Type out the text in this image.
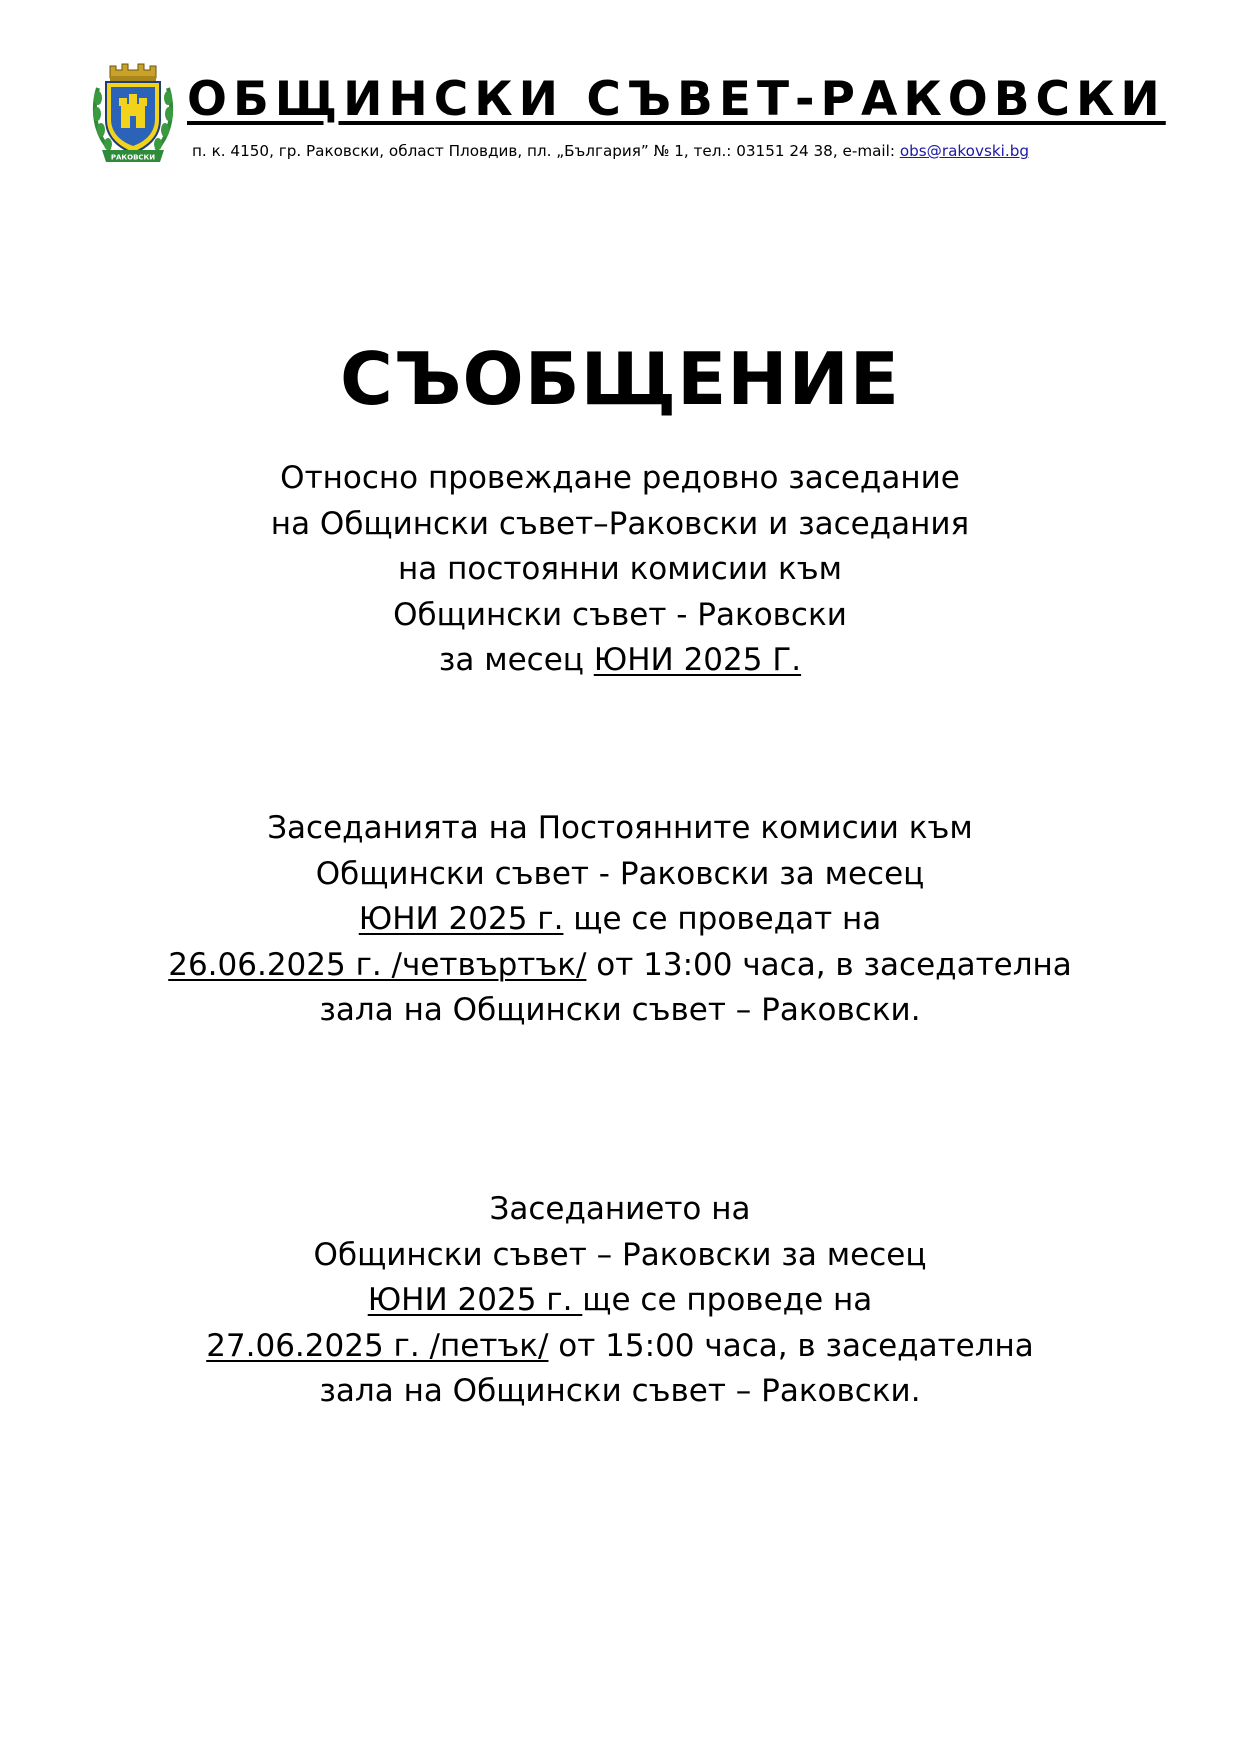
РАКОВСКИ
ОБЩИНСКИ СЪВЕТ-РАКОВСКИ
п. к. 4150, гр. Раковски, област Пловдив, пл. „България” № 1, тел.: 03151 24 38, e-mail: obs@rakovski.bg
СЪОБЩЕНИЕ
Относно провеждане редовно заседание
на Общински съвет–Раковски и заседания
на постоянни комисии към
Общински съвет - Раковски
за месец ЮНИ 2025 Г.
Заседанията на Постоянните комисии към
Общински съвет - Раковски за месец
ЮНИ 2025 г. ще се проведат на
26.06.2025 г. /четвъртък/ от 13:00 часа, в заседателна
зала на Общински съвет – Раковски.
Заседанието на
Общински съвет – Раковски за месец
ЮНИ 2025 г. ще се проведе на
27.06.2025 г. /петък/ от 15:00 часа, в заседателна
зала на Общински съвет – Раковски.
